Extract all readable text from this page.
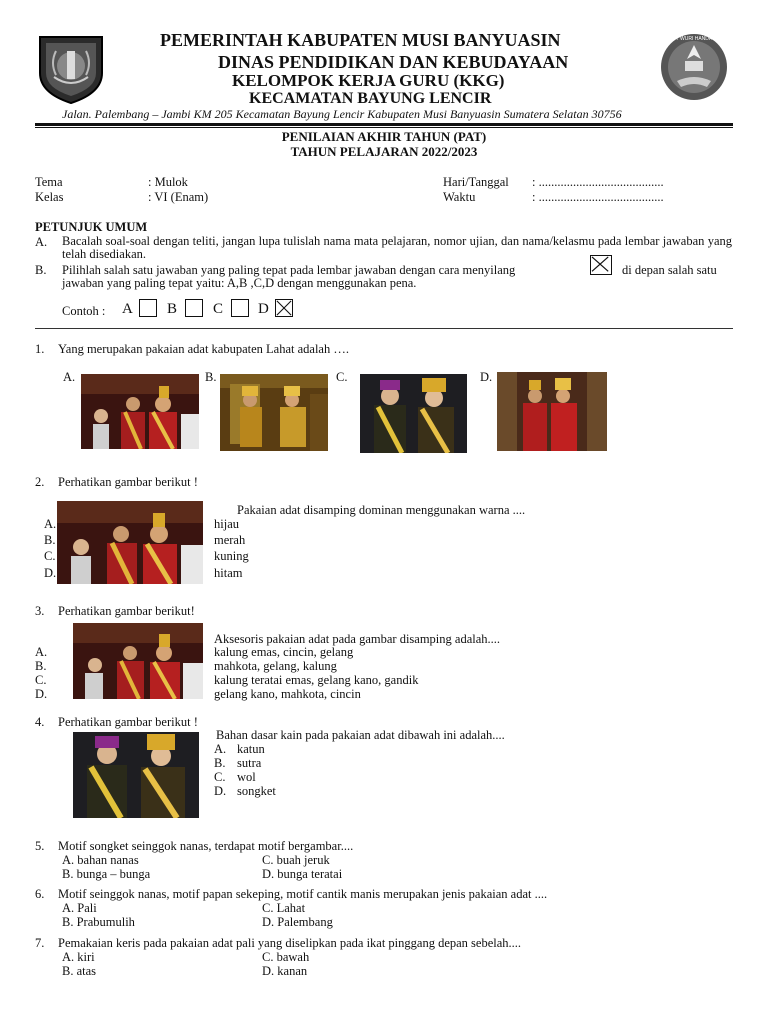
TUT WURI HANDAYANI
PEMERINTAH KABUPATEN MUSI BANYUASIN
DINAS PENDIDIKAN DAN KEBUDAYAAN
KELOMPOK KERJA GURU (KKG)
KECAMATAN BAYUNG LENCIR
Jalan. Palembang – Jambi KM 205 Kecamatan Bayung Lencir Kabupaten Musi Banyuasin Sumatera Selatan 30756
PENILAIAN AKHIR TAHUN (PAT)
TAHUN PELAJARAN 2022/2023
Tema	: Mulok
Kelas	: VI (Enam)
Hari/Tanggal : ........................................
Waktu	: ........................................
PETUNJUK UMUM
A. Bacalah soal-soal dengan teliti, jangan lupa tulislah nama mata pelajaran, nomor ujian, dan nama/kelasmu pada lembar jawaban yang telah disediakan.
B. Pilihlah salah satu jawaban yang paling tepat pada lembar jawaban dengan cara menyilang	di depan salah satu
jawaban yang paling tepat yaitu: A,B ,C,D dengan menggunakan pena.
Contoh : A B C D
1. Yang merupakan pakaian adat kabupaten Lahat adalah ….
A.	B.	C.	D.
2. Perhatikan gambar berikut !
Pakaian adat disamping dominan menggunakan warna ....
A.	hijau
B.	merah
C.	kuning
D.	hitam
3. Perhatikan gambar berikut!
Aksesoris pakaian adat pada gambar disamping adalah....
A.	kalung emas, cincin, gelang
B.	mahkota, gelang, kalung
C.	kalung teratai emas, gelang kano, gandik
D.	gelang kano, mahkota, cincin
4. Perhatikan gambar berikut !
Bahan dasar kain pada pakaian adat dibawah ini adalah....
A. katun
B. sutra
C. wol
D. songket
5. Motif songket seinggok nanas, terdapat motif bergambar....
A. bahan nanas	C. buah jeruk
B. bunga – bunga	D. bunga teratai
6. Motif seinggok nanas, motif papan sekeping, motif cantik manis merupakan jenis pakaian adat ....
A. Pali	C. Lahat
B. Prabumulih	D. Palembang
7. Pemakaian keris pada pakaian adat pali yang diselipkan pada ikat pinggang depan sebelah....
A. kiri	C. bawah
B. atas	D. kanan
